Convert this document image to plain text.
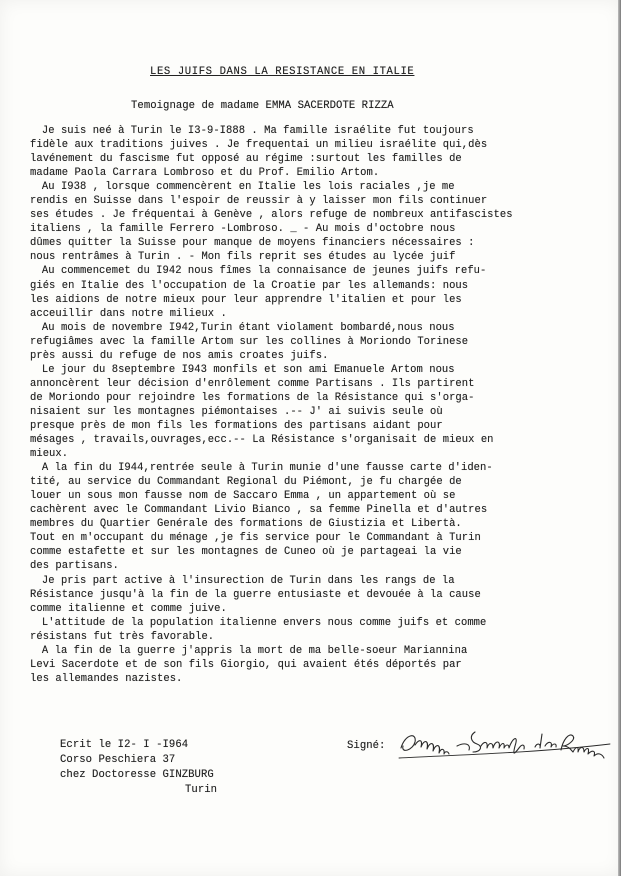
LES JUIFS DANS LA RESISTANCE EN ITALIE
Temoignage de madame EMMA SACERDOTE RIZZA
Je suis neé à Turin le I3-9-I888 . Ma famille israélite fut toujours
fidèle aux traditions juives . Je frequentai un milieu israélite qui,dès
lavénement du fascisme fut opposé au régime :surtout les familles de
madame Paola Carrara Lombroso et du Prof. Emilio Artom.
Au I938 , lorsque commencèrent en Italie les lois raciales ,je me
rendis en Suisse dans l'espoir de reussir à y laisser mon fils continuer
ses études . Je fréquentai à Genève , alors refuge de nombreux antifascistes
italiens , la famille Ferrero -Lombroso. _ - Au mois d'octobre nous
dûmes quitter la Suisse pour manque de moyens financiers nécessaires :
nous rentrâmes à Turin . - Mon fils reprit ses études au lycée juif
Au commencemet du I942 nous fîmes la connaisance de jeunes juifs refu-
giés en Italie des l'occupation de la Croatie par les allemands: nous
les aidions de notre mieux pour leur apprendre l'italien et pour les
acceuillir dans notre milieux .
Au mois de novembre I942,Turin étant violament bombardé,nous nous
refugiâmes avec la famille Artom sur les collines à Moriondo Torinese
près aussi du refuge de nos amis croates juifs.
Le jour du 8septembre I943 monfils et son ami Emanuele Artom nous
annoncèrent leur décision d'enrôlement comme Partisans . Ils partirent
de Moriondo pour rejoindre les formations de la Résistance qui s'orga-
nisaient sur les montagnes piémontaises .-- J' ai suivis seule où
presque près de mon fils les formations des partisans aidant pour
mésages , travails,ouvrages,ecc.-- La Résistance s'organisait de mieux en
mieux.
A la fin du I944,rentrée seule à Turin munie d'une fausse carte d'iden-
tité, au service du Commandant Regional du Piémont, je fu chargée de
louer un sous mon fausse nom de Saccaro Emma , un appartement où se
cachèrent avec le Commandant Livio Bianco , sa femme Pinella et d'autres
membres du Quartier Genérale des formations de Giustizia et Libertà.
Tout en m'occupant du ménage ,je fis service pour le Commandant à Turin
comme estafette et sur les montagnes de Cuneo où je partageai la vie
des partisans.
Je pris part active à l'insurection de Turin dans les rangs de la
Résistance jusqu'à la fin de la guerre entusiaste et devouée à la cause
comme italienne et comme juive.
L'attitude de la population italienne envers nous comme juifs et comme
résistans fut très favorable.
A la fin de la guerre j'appris la mort de ma belle-soeur Mariannina
Levi Sacerdote et de son fils Giorgio, qui avaient étés déportés par
les allemandes nazistes.
Ecrit le I2- I -I964
Corso Peschiera 37
chez Doctoresse GINZBURG
Turin
Signé:
